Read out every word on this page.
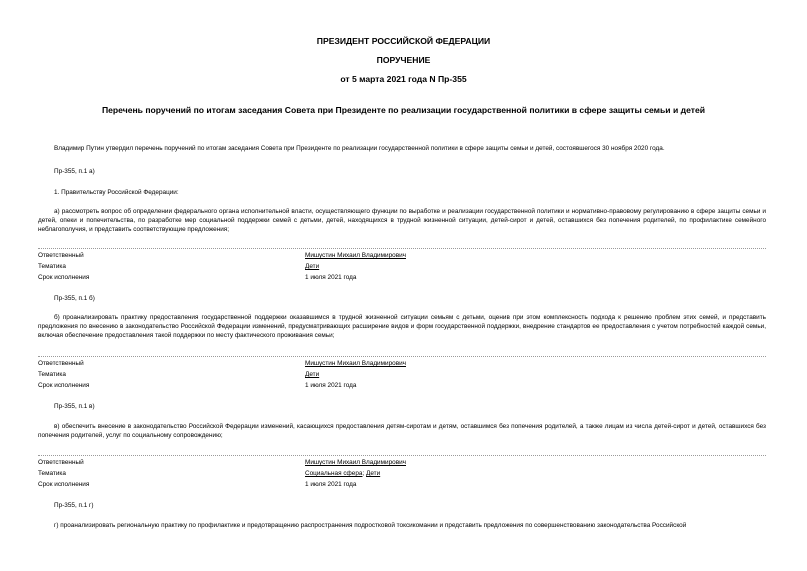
ПРЕЗИДЕНТ РОССИЙСКОЙ ФЕДЕРАЦИИ
ПОРУЧЕНИЕ
от 5 марта 2021 года N Пр-355
Перечень поручений по итогам заседания Совета при Президенте по реализации государственной политики в сфере защиты семьи и детей
Владимир Путин утвердил перечень поручений по итогам заседания Совета при Президенте по реализации государственной политики в сфере защиты семьи и детей, состоявшегося 30 ноября 2020 года.
Пр-355, п.1 а)
1. Правительству Российской Федерации:
а) рассмотреть вопрос об определении федерального органа исполнительной власти, осуществляющего функции по выработке и реализации государственной политики и нормативно-правовому регулированию в сфере защиты семьи и детей, опеки и попечительства, по разработке мер социальной поддержки семей с детьми, детей, находящихся в трудной жизненной ситуации, детей-сирот и детей, оставшихся без попечения родителей, по профилактике семейного неблагополучия, и представить соответствующие предложения;
Ответственный	Мишустин Михаил Владимирович
Тематика	Дети
Срок исполнения	1 июля 2021 года
Пр-355, п.1 б)
б) проанализировать практику предоставления государственной поддержки оказавшимся в трудной жизненной ситуации семьям с детьми, оценив при этом комплексность подхода к решению проблем этих семей, и представить предложения по внесению в законодательство Российской Федерации изменений, предусматривающих расширение видов и форм государственной поддержки, внедрение стандартов ее предоставления с учетом потребностей каждой семьи, включая обеспечение предоставления такой поддержки по месту фактического проживания семьи;
Ответственный	Мишустин Михаил Владимирович
Тематика	Дети
Срок исполнения	1 июля 2021 года
Пр-355, п.1 в)
в) обеспечить внесение в законодательство Российской Федерации изменений, касающихся предоставления детям-сиротам и детям, оставшимся без попечения родителей, а также лицам из числа детей-сирот и детей, оставшихся без попечения родителей, услуг по социальному сопровождению;
Ответственный	Мишустин Михаил Владимирович
Тематика	Социальная сфера; Дети
Срок исполнения	1 июля 2021 года
Пр-355, п.1 г)
г) проанализировать региональную практику по профилактике и предотвращению распространения подростковой токсикомании и представить предложения по совершенствованию законодательства Российской
